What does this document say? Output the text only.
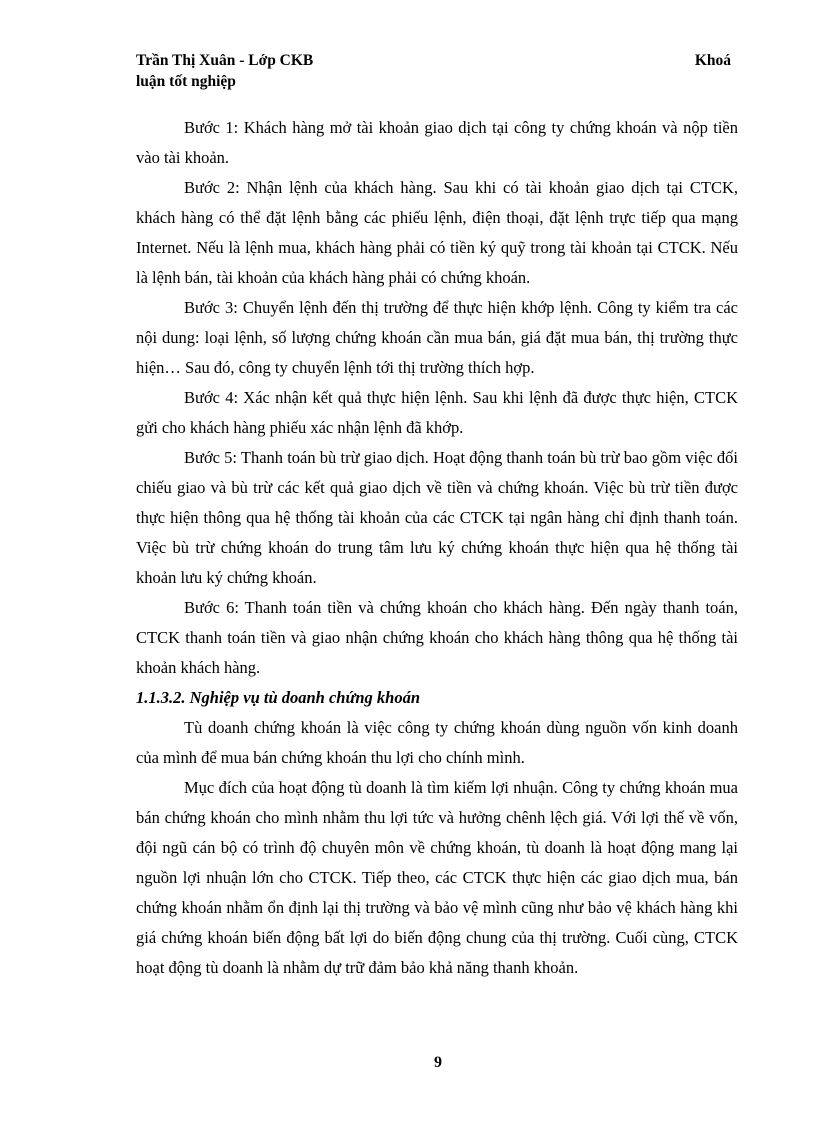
Trần Thị Xuân - Lớp CKB	Khoá
luận tốt nghiệp

Bước 1: Khách hàng mở tài khoản giao dịch tại công ty chứng khoán và nộp tiền vào tài khoản.

Bước 2: Nhận lệnh của khách hàng. Sau khi có tài khoản giao dịch tại CTCK, khách hàng có thể đặt lệnh bằng các phiếu lệnh, điện thoại, đặt lệnh trực tiếp qua mạng Internet. Nếu là lệnh mua, khách hàng phải có tiền ký quỹ trong tài khoản tại CTCK. Nếu là lệnh bán, tài khoản của khách hàng phải có chứng khoán.

Bước 3: Chuyển lệnh đến thị trường để thực hiện khớp lệnh. Công ty kiểm tra các nội dung: loại lệnh, số lượng chứng khoán cần mua bán, giá đặt mua bán, thị trường thực hiện… Sau đó, công ty chuyển lệnh tới thị trường thích hợp.

Bước 4: Xác nhận kết quả thực hiện lệnh. Sau khi lệnh đã được thực hiện, CTCK gửi cho khách hàng phiếu xác nhận lệnh đã khớp.

Bước 5: Thanh toán bù trừ giao dịch. Hoạt động thanh toán bù trừ bao gồm việc đối chiếu giao và bù trừ các kết quả giao dịch về tiền và chứng khoán. Việc bù trừ tiền được thực hiện thông qua hệ thống tài khoản của các CTCK tại ngân hàng chỉ định thanh toán. Việc bù trừ chứng khoán do trung tâm lưu ký chứng khoán thực hiện qua hệ thống tài khoản lưu ký chứng khoán.

Bước 6: Thanh toán tiền và chứng khoán cho khách hàng. Đến ngày thanh toán, CTCK thanh toán tiền và giao nhận chứng khoán cho khách hàng thông qua hệ thống tài khoản khách hàng.

1.1.3.2. Nghiệp vụ tù doanh chứng khoán

Tù doanh chứng khoán là việc công ty chứng khoán dùng nguồn vốn kinh doanh của mình để mua bán chứng khoán thu lợi cho chính mình.

Mục đích của hoạt động tù doanh là tìm kiếm lợi nhuận. Công ty chứng khoán mua bán chứng khoán cho mình nhằm thu lợi tức và hưởng chênh lệch giá. Với lợi thế về vốn, đội ngũ cán bộ có trình độ chuyên môn về chứng khoán, tù doanh là hoạt động mang lại nguồn lợi nhuận lớn cho CTCK. Tiếp theo, các CTCK thực hiện các giao dịch mua, bán chứng khoán nhằm ổn định lại thị trường và bảo vệ mình cũng như bảo vệ khách hàng khi giá chứng khoán biến động bất lợi do biến động chung của thị trường. Cuối cùng, CTCK hoạt động tù doanh là nhằm dự trữ đảm bảo khả năng thanh khoản.

9
